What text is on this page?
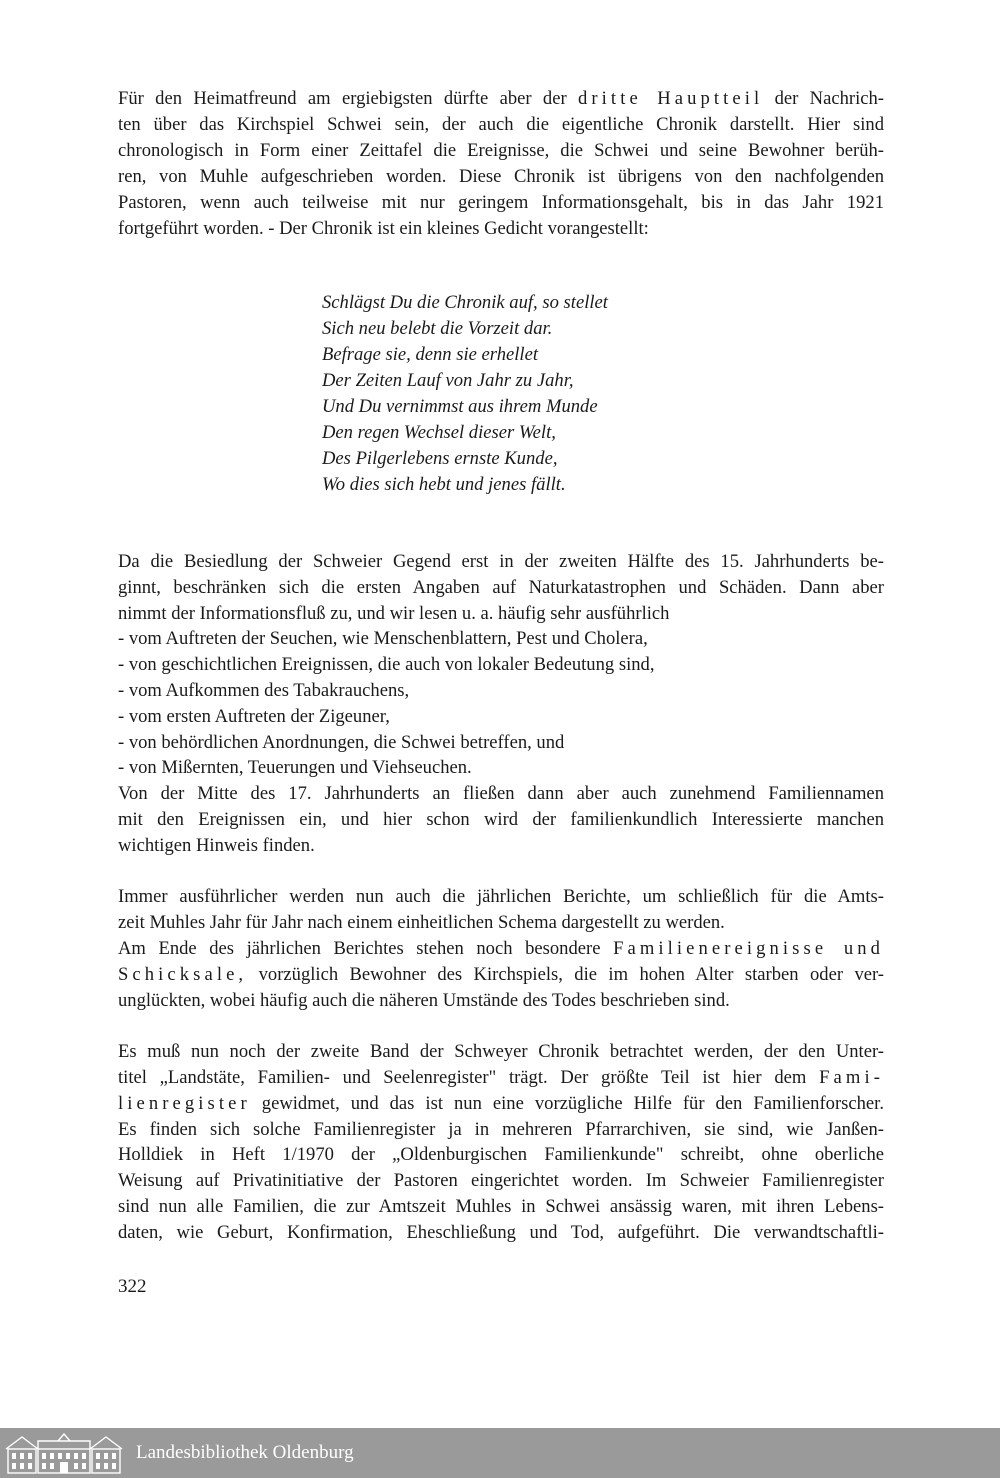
Für den Heimatfreund am ergiebigsten dürfte aber der dritte Hauptteil der Nachrich-
ten über das Kirchspiel Schwei sein, der auch die eigentliche Chronik darstellt. Hier sind
chronologisch in Form einer Zeittafel die Ereignisse, die Schwei und seine Bewohner berüh-
ren, von Muhle aufgeschrieben worden. Diese Chronik ist übrigens von den nachfolgenden
Pastoren, wenn auch teilweise mit nur geringem Informationsgehalt, bis in das Jahr 1921
fortgeführt worden. - Der Chronik ist ein kleines Gedicht vorangestellt:
Schlägst Du die Chronik auf, so stellet
Sich neu belebt die Vorzeit dar.
Befrage sie, denn sie erhellet
Der Zeiten Lauf von Jahr zu Jahr,
Und Du vernimmst aus ihrem Munde
Den regen Wechsel dieser Welt,
Des Pilgerlebens ernste Kunde,
Wo dies sich hebt und jenes fällt.
Da die Besiedlung der Schweier Gegend erst in der zweiten Hälfte des 15. Jahrhunderts be-
ginnt, beschränken sich die ersten Angaben auf Naturkatastrophen und Schäden. Dann aber
nimmt der Informationsfluß zu, und wir lesen u. a. häufig sehr ausführlich
- vom Auftreten der Seuchen, wie Menschenblattern, Pest und Cholera,
- von geschichtlichen Ereignissen, die auch von lokaler Bedeutung sind,
- vom Aufkommen des Tabakrauchens,
- vom ersten Auftreten der Zigeuner,
- von behördlichen Anordnungen, die Schwei betreffen, und
- von Mißernten, Teuerungen und Viehseuchen.
Von der Mitte des 17. Jahrhunderts an fließen dann aber auch zunehmend Familiennamen
mit den Ereignissen ein, und hier schon wird der familienkundlich Interessierte manchen
wichtigen Hinweis finden.
Immer ausführlicher werden nun auch die jährlichen Berichte, um schließlich für die Amts-
zeit Muhles Jahr für Jahr nach einem einheitlichen Schema dargestellt zu werden.
Am Ende des jährlichen Berichtes stehen noch besondere Familienereignisse und
Schicksale, vorzüglich Bewohner des Kirchspiels, die im hohen Alter starben oder ver-
unglückten, wobei häufig auch die näheren Umstände des Todes beschrieben sind.
Es muß nun noch der zweite Band der Schweyer Chronik betrachtet werden, der den Unter-
titel „Landstäte, Familien- und Seelenregister" trägt. Der größte Teil ist hier dem Fami-
lienregister gewidmet, und das ist nun eine vorzügliche Hilfe für den Familienforscher.
Es finden sich solche Familienregister ja in mehreren Pfarrarchiven, sie sind, wie Janßen-
Holldiek in Heft 1/1970 der „Oldenburgischen Familienkunde" schreibt, ohne oberliche
Weisung auf Privatinitiative der Pastoren eingerichtet worden. Im Schweier Familienregister
sind nun alle Familien, die zur Amtszeit Muhles in Schwei ansässig waren, mit ihren Lebens-
daten, wie Geburt, Konfirmation, Eheschließung und Tod, aufgeführt. Die verwandtschaftli-
322
Landesbibliothek Oldenburg
